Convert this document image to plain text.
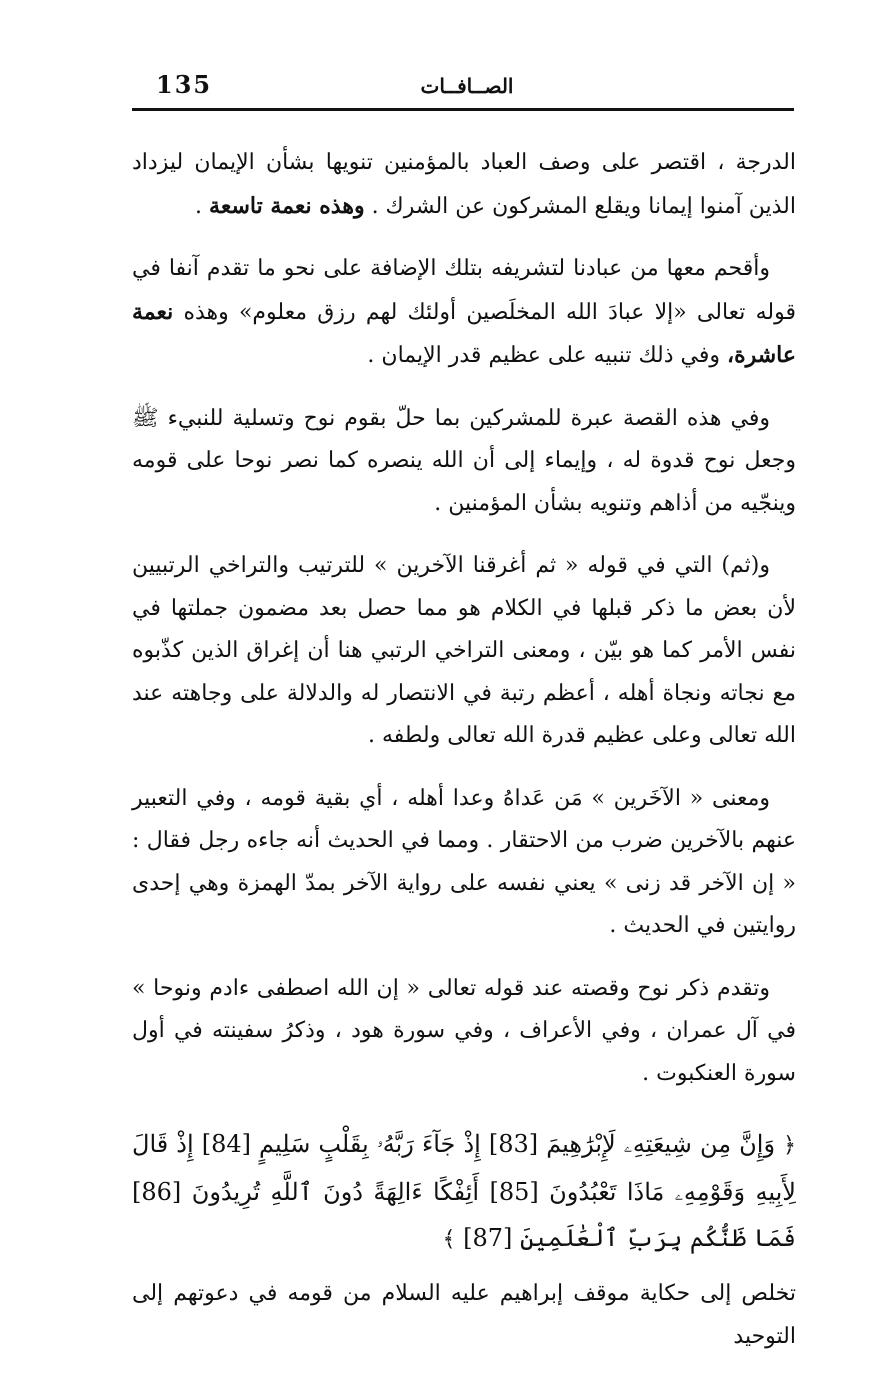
135	الصــافــات

الدرجة ، اقتصر على وصف العباد بالمؤمنين تنويها بشأن الإيمان ليزداد الذين آمنوا إيمانا ويقلع المشركون عن الشرك . وهذه نعمة تاسعة .

وأقحم معها من عبادنا لتشريفه بتلك الإضافة على نحو ما تقدم آنفا في قوله تعالى «إلا عبادَ الله المخلَصين أولئك لهم رزق معلوم» وهذه نعمة عاشرة، وفي ذلك تنبيه على عظيم قدر الإيمان .

وفي هذه القصة عبرة للمشركين بما حلّ بقوم نوح وتسلية للنبيء ﷺ وجعل نوح قدوة له ، وإيماء إلى أن الله ينصره كما نصر نوحا على قومه وينجّيه من أذاهم وتنويه بشأن المؤمنين .

و(ثم) التي في قوله « ثم أغرقنا الآخرين » للترتيب والتراخي الرتبيين لأن بعض ما ذكر قبلها في الكلام هو مما حصل بعد مضمون جملتها في نفس الأمر كما هو بيّن ، ومعنى التراخي الرتبي هنا أن إغراق الذين كذّبوه مع نجاته ونجاة أهله ، أعظم رتبة في الانتصار له والدلالة على وجاهته عند الله تعالى وعلى عظيم قدرة الله تعالى ولطفه .

ومعنى « الآخَرين » مَن عَداهُ وعدا أهله ، أي بقية قومه ، وفي التعبير عنهم بالآخرين ضرب من الاحتقار . ومما في الحديث أنه جاءه رجل فقال : « إن الآخر قد زنى » يعني نفسه على رواية الآخر بمدّ الهمزة وهي إحدى روايتين في الحديث .

وتقدم ذكر نوح وقصته عند قوله تعالى « إن الله اصطفى ءادم ونوحا » في آل عمران ، وفي الأعراف ، وفي سورة هود ، وذكرُ سفينته في أول سورة العنكبوت .

﴿ وَإِنَّ مِن شِيعَتِهِۦ لَإِبْرَٰهِيمَ [83] إِذْ جَآءَ رَبَّهُۥ بِقَلْبٍ سَلِيمٍ [84] إِذْ قَالَ لِأَبِيهِ وَقَوْمِهِۦ مَاذَا تَعْبُدُونَ [85] أَئِفْكًا ءَالِهَةً دُونَ ٱللَّهِ تُرِيدُونَ [86] فَمَا ظَنُّكُم بِرَبِّ ٱلْعَٰلَمِينَ [87] ﴾

تخلص إلى حكاية موقف إبراهيم عليه السلام من قومه في دعوتهم إلى التوحيد
